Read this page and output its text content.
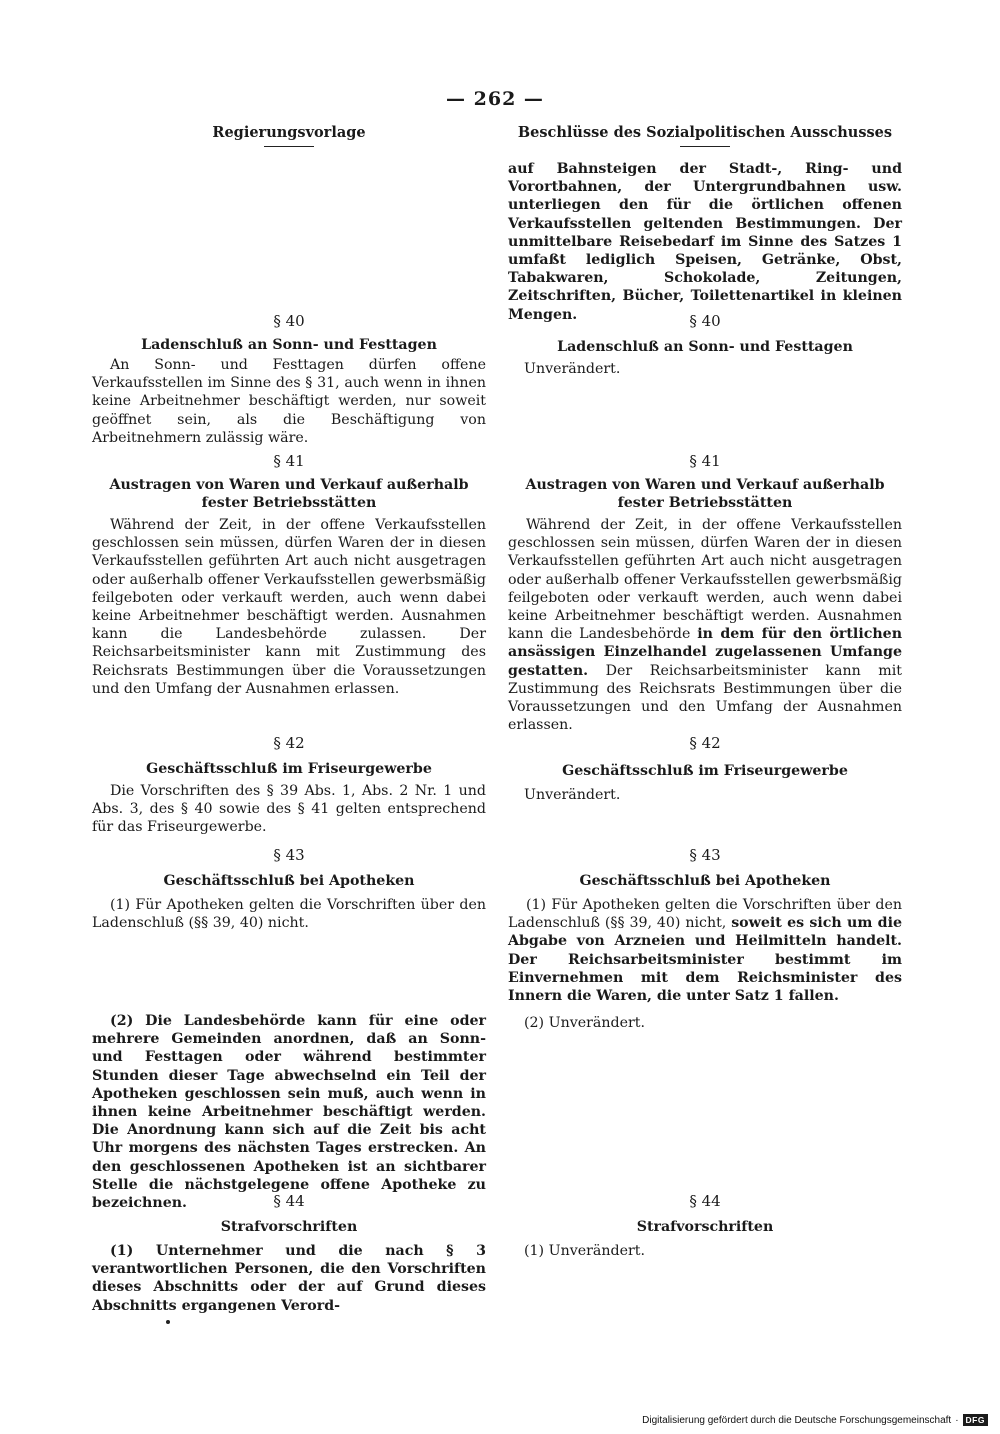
— 262 —
Regierungsvorlage
§ 40
Ladenschluß an Sonn- und Festtagen
An Sonn- und Festtagen dürfen offene Verkaufsstellen im Sinne des § 31, auch wenn in ihnen keine Arbeitnehmer beschäftigt werden, nur soweit geöffnet sein, als die Beschäftigung von Arbeitnehmern zulässig wäre.
§ 41
Austragen von Waren und Verkauf außerhalb fester Betriebsstätten
Während der Zeit, in der offene Verkaufsstellen geschlossen sein müssen, dürfen Waren der in diesen Verkaufsstellen geführten Art auch nicht ausgetragen oder außerhalb offener Verkaufsstellen gewerbsmäßig feilgeboten oder verkauft werden, auch wenn dabei keine Arbeitnehmer beschäftigt werden. Ausnahmen kann die Landesbehörde zulassen. Der Reichsarbeitsminister kann mit Zustimmung des Reichsrats Bestimmungen über die Voraussetzungen und den Umfang der Ausnahmen erlassen.
§ 42
Geschäftsschluß im Friseurgewerbe
Die Vorschriften des § 39 Abs. 1, Abs. 2 Nr. 1 und Abs. 3, des § 40 sowie des § 41 gelten entsprechend für das Friseurgewerbe.
§ 43
Geschäftsschluß bei Apotheken
(1) Für Apotheken gelten die Vorschriften über den Ladenschluß (§§ 39, 40) nicht.
(2) Die Landesbehörde kann für eine oder mehrere Gemeinden anordnen, daß an Sonn- und Festtagen oder während bestimmter Stunden dieser Tage abwechselnd ein Teil der Apotheken geschlossen sein muß, auch wenn in ihnen keine Arbeitnehmer beschäftigt werden. Die Anordnung kann sich auf die Zeit bis acht Uhr morgens des nächsten Tages erstrecken. An den geschlossenen Apotheken ist an sichtbarer Stelle die nächstgelegene offene Apotheke zu bezeichnen.	§ 44
Strafvorschriften
(1) Unternehmer und die nach § 3 verantwortlichen Personen, die den Vorschriften dieses Abschnitts oder der auf Grund dieses Abschnitts ergangenen Verord-
Beschlüsse des Sozialpolitischen Ausschusses
auf Bahnsteigen der Stadt-, Ring- und Vorortbahnen, der Untergrundbahnen usw. unterliegen den für die örtlichen offenen Verkaufsstellen geltenden Bestimmungen. Der unmittelbare Reisebedarf im Sinne des Satzes 1 umfaßt lediglich Speisen, Getränke, Obst, Tabakwaren, Schokolade, Zeitungen, Zeitschriften, Bücher, Toilettenartikel in kleinen Mengen.	§ 40
Ladenschluß an Sonn- und Festtagen
Unverändert.
§ 41
Austragen von Waren und Verkauf außerhalb fester Betriebsstätten
Während der Zeit, in der offene Verkaufsstellen geschlossen sein müssen, dürfen Waren der in diesen Verkaufsstellen geführten Art auch nicht ausgetragen oder außerhalb offener Verkaufsstellen gewerbsmäßig feilgeboten oder verkauft werden, auch wenn dabei keine Arbeitnehmer beschäftigt werden. Ausnahmen kann die Landesbehörde in dem für den örtlichen ansässigen Einzelhandel zugelassenen Umfange gestatten. Der Reichsarbeitsminister kann mit Zustimmung des Reichsrats Bestimmungen über die Voraussetzungen und den Umfang der Ausnahmen erlassen.
§ 42
Geschäftsschluß im Friseurgewerbe
Unverändert.
§ 43
Geschäftsschluß bei Apotheken
(1) Für Apotheken gelten die Vorschriften über den Ladenschluß (§§ 39, 40) nicht, soweit es sich um die Abgabe von Arzneien und Heilmitteln handelt. Der Reichsarbeitsminister bestimmt im Einvernehmen mit dem Reichsminister des Innern die Waren, die unter Satz 1 fallen.
(2) Unverändert.
§ 44
Strafvorschriften
(1) Unverändert.
Digitalisierung gefördert durch die Deutsche Forschungsgemeinschaft · DFG
